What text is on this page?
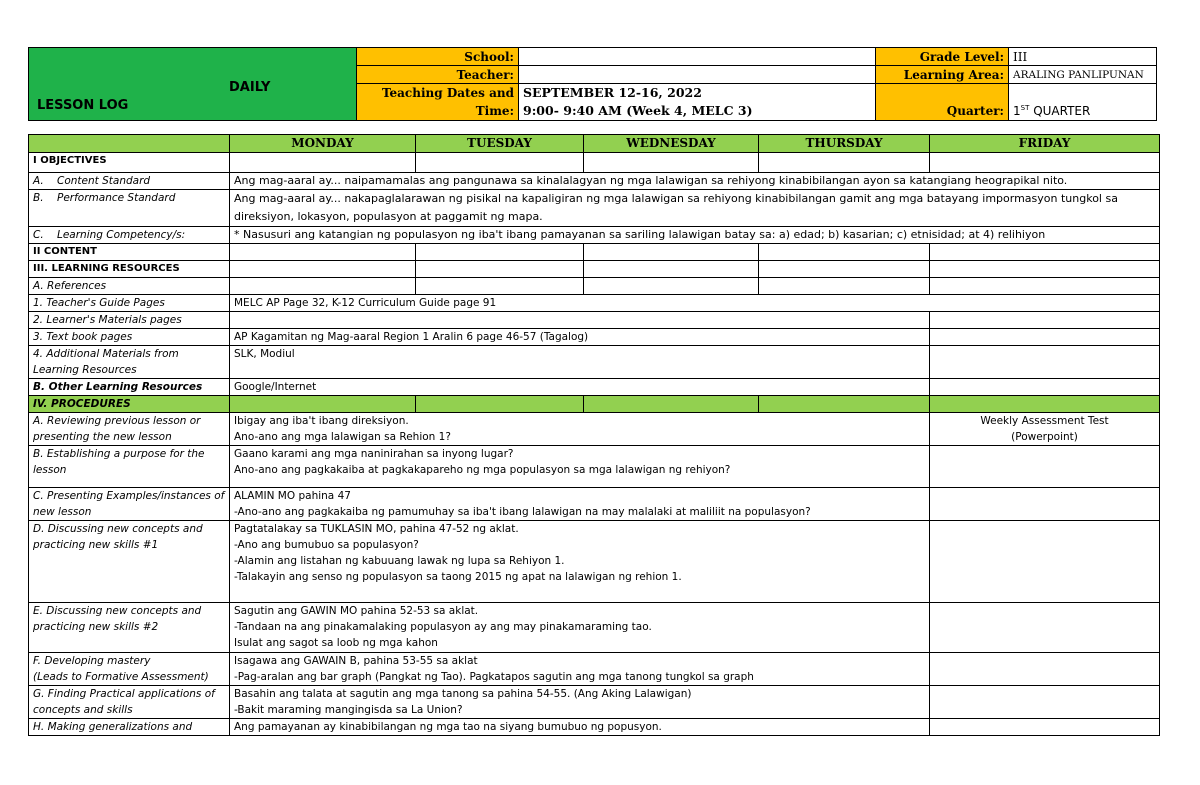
DAILY
LESSON LOG	School:		Grade Level:	III
	Teacher:		Learning Area:	ARALING PANLIPUNAN

	Teaching Dates and
Time:	SEPTEMBER 12-16, 2022
9:00- 9:40 AM (Week 4, MELC 3)	Quarter:	1ST QUARTER

	MONDAY	TUESDAY	WEDNESDAY	THURSDAY	FRIDAY
I OBJECTIVES					
A. Content Standard	Ang mag-aaral ay... naipamamalas ang pangunawa sa kinalalagyan ng mga lalawigan sa rehiyong kinabibilangan ayon sa katangiang heograpikal nito.				
B. Performance Standard	Ang mag-aaral ay... nakapaglalarawan ng pisikal na kapaligiran ng mga lalawigan sa rehiyong kinabibilangan gamit ang mga batayang impormasyon tungkol sa
direksiyon, lokasyon, populasyon at paggamit ng mapa.				

C. Learning Competency/s:	* Nasusuri ang katangian ng populasyon ng iba't ibang pamayanan sa sariling lalawigan batay sa: a) edad; b) kasarian; c) etnisidad; at 4) relihiyon				
II CONTENT					
III. LEARNING RESOURCES					
A. References					
1. Teacher's Guide Pages	MELC AP Page 32, K-12 Curriculum Guide page 91				
2. Learner's Materials pages					
3. Text book pages	AP Kagamitan ng Mag-aaral Region 1 Aralin 6 page 46-57 (Tagalog)				

4. Additional Materials from
Learning Resources	SLK, Modiul				
B. Other Learning Resources	Google/Internet				
IV. PROCEDURES					

A. Reviewing previous lesson or
presenting the new lesson	Ibigay ang iba't ibang direksiyon.
Ano-ano ang mga lalawigan sa Rehion 1?				Weekly Assessment Test
(Powerpoint)

B. Establishing a purpose for the
lesson	Gaano karami ang mga naninirahan sa inyong lugar?
Ano-ano ang pagkakaiba at pagkakapareho ng mga populasyon sa mga lalawigan ng rehiyon?				

C. Presenting Examples/instances of
new lesson	ALAMIN MO pahina 47
-Ano-ano ang pagkakaiba ng pamumuhay sa iba't ibang lalawigan na may malalaki at maliliit na populasyon?				

D. Discussing new concepts and
practicing new skills #1	Pagtatalakay sa TUKLASIN MO, pahina 47-52 ng aklat.
-Ano ang bumubuo sa populasyon?
-Alamin ang listahan ng kabuuang lawak ng lupa sa Rehiyon 1.
-Talakayin ang senso ng populasyon sa taong 2015 ng apat na lalawigan ng rehion 1.				

E. Discussing new concepts and
practicing new skills #2	Sagutin ang GAWIN MO pahina 52-53 sa aklat.
-Tandaan na ang pinakamalaking populasyon ay ang may pinakamaraming tao.
Isulat ang sagot sa loob ng mga kahon				

F. Developing mastery
(Leads to Formative Assessment)	Isagawa ang GAWAIN B, pahina 53-55 sa aklat
-Pag-aralan ang bar graph (Pangkat ng Tao). Pagkatapos sagutin ang mga tanong tungkol sa graph				

G. Finding Practical applications of
concepts and skills	Basahin ang talata at sagutin ang mga tanong sa pahina 54-55. (Ang Aking Lalawigan)
-Bakit maraming mangingisda sa La Union?				

H. Making generalizations and	Ang pamayanan ay kinabibilangan ng mga tao na siyang bumubuo ng popusyon.				
